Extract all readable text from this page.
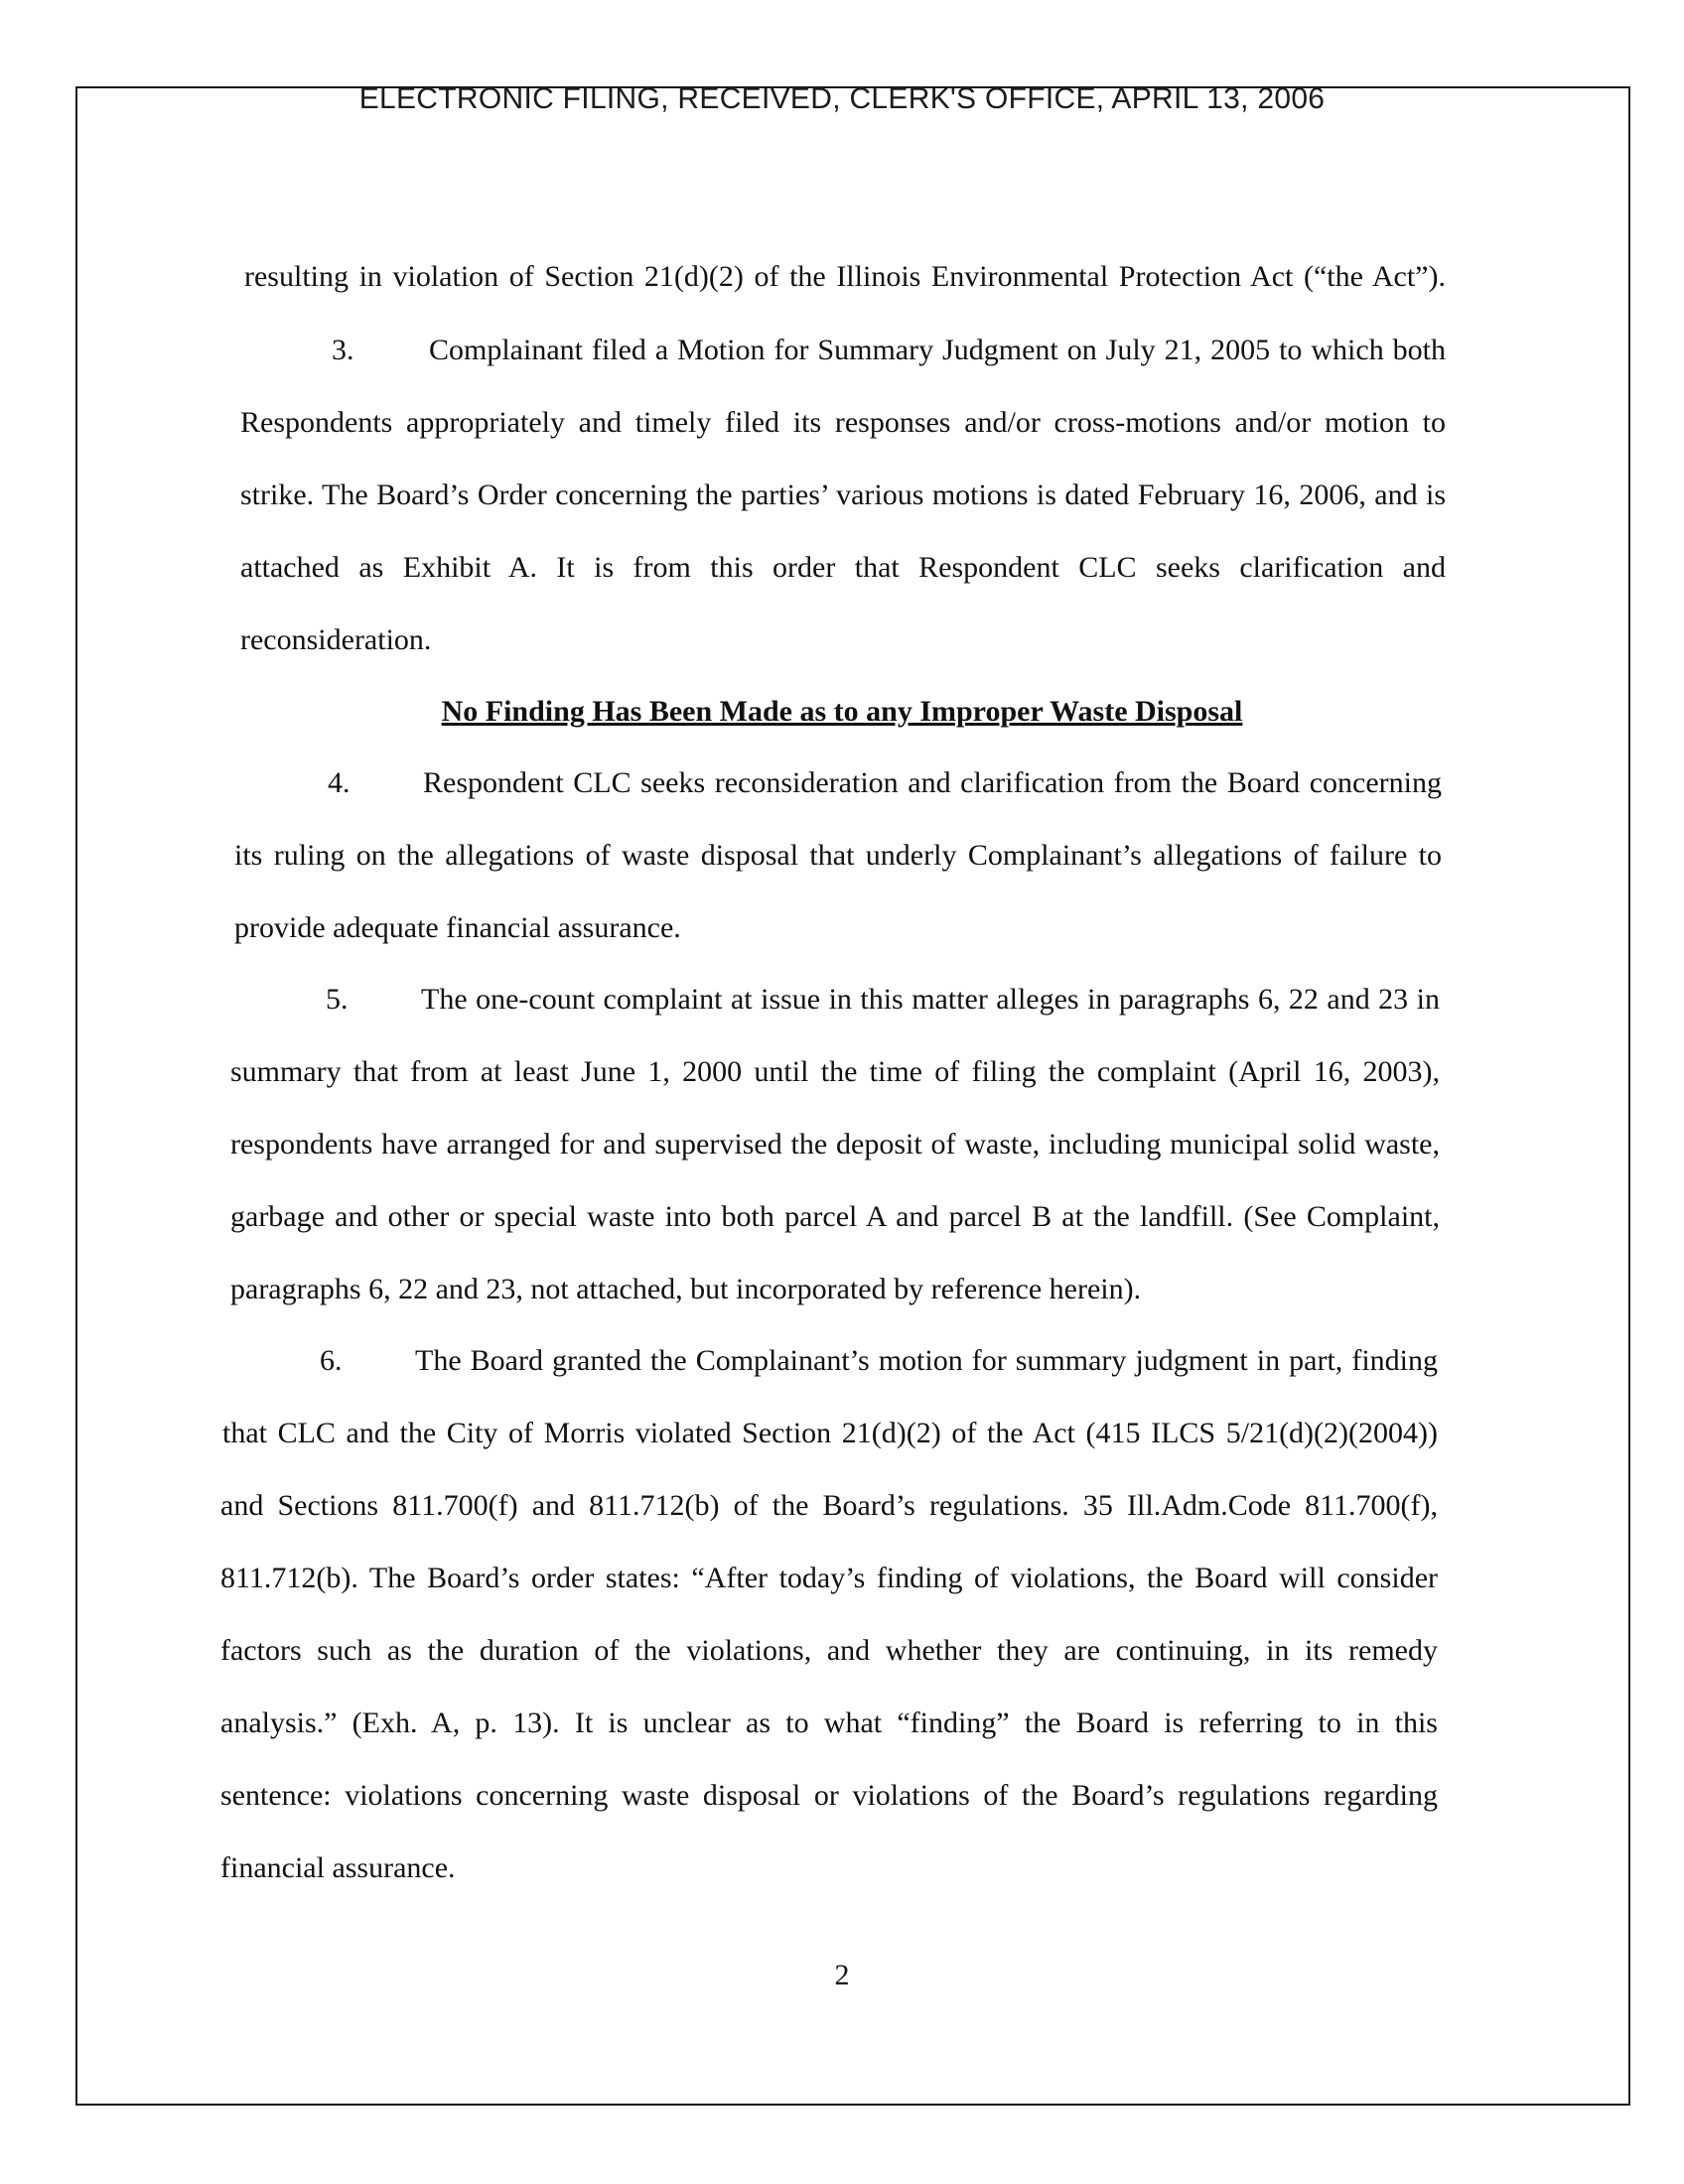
ELECTRONIC FILING, RECEIVED, CLERK'S OFFICE, APRIL 13, 2006
resulting in violation of Section 21(d)(2) of the Illinois Environmental Protection Act (“the Act”).
3.	Complainant filed a Motion for Summary Judgment on July 21, 2005 to which both
Respondents appropriately and timely filed its responses and/or cross-motions and/or motion to
strike. The Board’s Order concerning the parties’ various motions is dated February 16, 2006, and is
attached as Exhibit A. It is from this order that Respondent CLC seeks clarification and
reconsideration.
No Finding Has Been Made as to any Improper Waste Disposal
4. Respondent CLC seeks reconsideration and clarification from the Board concerning
its ruling on the allegations of waste disposal that underly Complainant’s allegations of failure to
provide adequate financial assurance.
5. The one-count complaint at issue in this matter alleges in paragraphs 6, 22 and 23 in
summary that from at least June 1, 2000 until the time of filing the complaint (April 16, 2003),
respondents have arranged for and supervised the deposit of waste, including municipal solid waste,
garbage and other or special waste into both parcel A and parcel B at the landfill. (See Complaint,
paragraphs 6, 22 and 23, not attached, but incorporated by reference herein).
6. The Board granted the Complainant’s motion for summary judgment in part, finding
that CLC and the City of Morris violated Section 21(d)(2) of the Act (415 ILCS 5/21(d)(2)(2004))
and Sections 811.700(f) and 811.712(b) of the Board’s regulations. 35 Ill.Adm.Code 811.700(f),
811.712(b). The Board’s order states: “After today’s finding of violations, the Board will consider
factors such as the duration of the violations, and whether they are continuing, in its remedy
analysis.” (Exh. A, p. 13). It is unclear as to what “finding” the Board is referring to in this
sentence: violations concerning waste disposal or violations of the Board’s regulations regarding
financial assurance.
2
